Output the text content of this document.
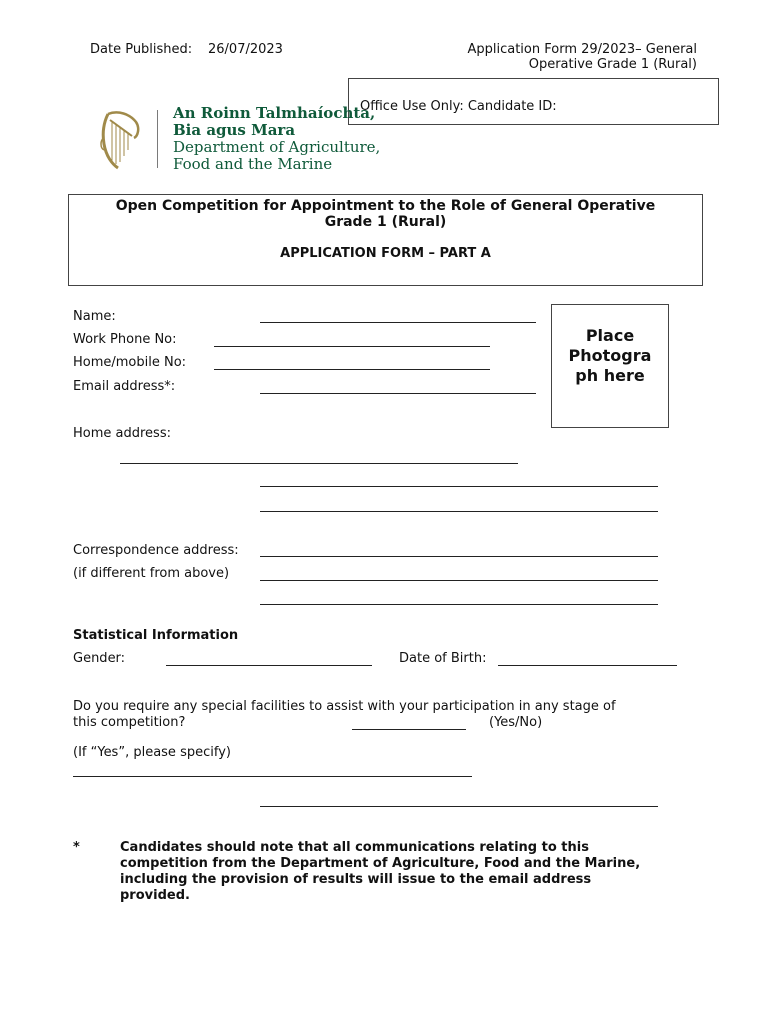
Date Published: 26/07/2023	Application Form 29/2023– General
Operative Grade 1 (Rural)
Office Use Only: Candidate ID:
An Roinn Talmhaíochta,
Bia agus Mara
Department of Agriculture,
Food and the Marine
Open Competition for Appointment to the Role of General Operative
Grade 1 (Rural)
APPLICATION FORM – PART A
Name:
Work Phone No:
Home/mobile No:
Email address*:
Place
Photogra
ph here
Home address:
Correspondence address:
(if different from above)
Statistical Information
Gender:	Date of Birth:
Do you require any special facilities to assist with your participation in any stage of
this competition?	(Yes/No)
(If “Yes”, please specify)
*	Candidates should note that all communications relating to this
competition from the Department of Agriculture, Food and the Marine,
including the provision of results will issue to the email address
provided.
